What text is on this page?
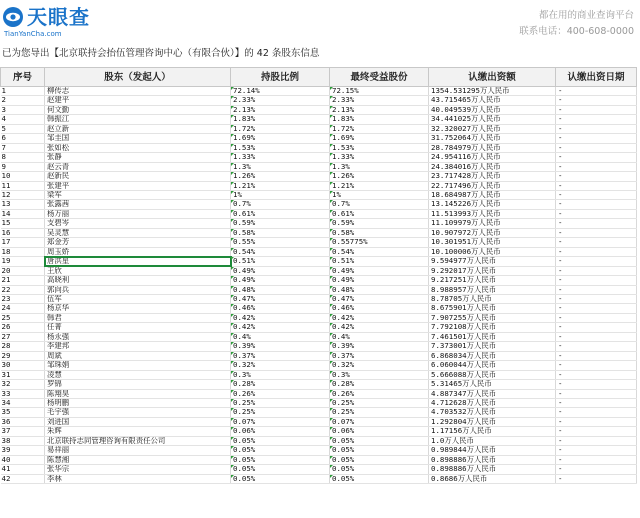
天眼查
TianYanCha.com
都在用的商业查询平台
联系电话：400-608-0000
已为您导出【北京联持会抬伍管理咨询中心（有限合伙）】的 42 条股东信息
序号	股东（发起人）	持股比例	最终受益股份	认缴出资额	认缴出资日期
1	柳传志	72.14%	72.15%	1354.531295万人民币	-
2	赵建平	2.33%	2.33%	43.715465万人民币	-
3	何文勤	2.13%	2.13%	40.049539万人民币	-
4	韩振江	1.83%	1.83%	34.441025万人民币	-
5	赵立新	1.72%	1.72%	32.320027万人民币	-
6	邹圭国	1.69%	1.69%	31.752064万人民币	-
7	张如松	1.53%	1.53%	28.784979万人民币	-
8	张静	1.33%	1.33%	24.954116万人民币	-
9	赵云青	1.3%	1.3%	24.384016万人民币	-
10	赵新民	1.26%	1.26%	23.717428万人民币	-
11	张建平	1.21%	1.21%	22.717496万人民币	-
12	梁军	1%	1%	18.684987万人民币	-
13	张露茜	0.7%	0.7%	13.145226万人民币	-
14	杨万丽	0.61%	0.61%	11.513993万人民币	-
15	支碧岑	0.59%	0.59%	11.109979万人民币	-
16	吴灵慧	0.58%	0.58%	10.907972万人民币	-
17	郑金芳	0.55%	0.55775%	10.301951万人民币	-
18	周玉娇	0.54%	0.54%	10.100006万人民币	-
19	唐洪星	0.51%	0.51%	9.594977万人民币	-
20	王欣	0.49%	0.49%	9.292017万人民币	-
21	高晓利	0.49%	0.49%	9.217251万人民币	-
22	郭向兵	0.48%	0.48%	8.988957万人民币	-
23	伍军	0.47%	0.47%	8.78705万人民币	-
24	杨京华	0.46%	0.46%	8.675901万人民币	-
25	韩君	0.42%	0.42%	7.907255万人民币	-
26	任菁	0.42%	0.42%	7.792108万人民币	-
27	杨永强	0.4%	0.4%	7.461501万人民币	-
28	李建邦	0.39%	0.39%	7.373001万人民币	-
29	周斌	0.37%	0.37%	6.868034万人民币	-
30	邹珠娟	0.32%	0.32%	6.060044万人民币	-
31	凌慧	0.3%	0.3%	5.666088万人民币	-
32	罗锦	0.28%	0.28%	5.31465万人民币	-
33	陈翔昊	0.26%	0.26%	4.887347万人民币	-
34	杨明鹏	0.25%	0.25%	4.712628万人民币	-
35	毛宇强	0.25%	0.25%	4.703532万人民币	-
36	刘进国	0.07%	0.07%	1.292804万人民币	-
37	朱辉	0.06%	0.06%	1.17156万人民币	-
38	北京联持志同管理咨询有限责任公司	0.05%	0.05%	1.0万人民币	-
39	易祥丽	0.05%	0.05%	0.989844万人民币	-
40	陈慧湘	0.05%	0.05%	0.898886万人民币	-
41	张华宗	0.05%	0.05%	0.898886万人民币	-
42	李林	0.05%	0.05%	0.8686万人民币	-
